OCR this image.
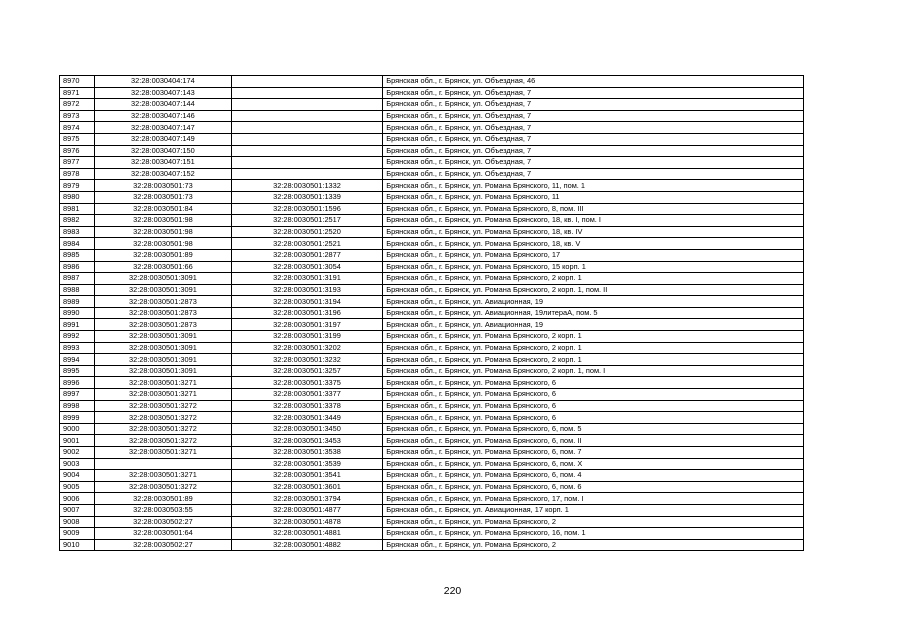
8970	32:28:0030404:174		Брянская обл., г. Брянск, ул. Объездная, 46
8971	32:28:0030407:143		Брянская обл., г. Брянск, ул. Объездная, 7
8972	32:28:0030407:144		Брянская обл., г. Брянск, ул. Объездная, 7
8973	32:28:0030407:146		Брянская обл., г. Брянск, ул. Объездная, 7
8974	32:28:0030407:147		Брянская обл., г. Брянск, ул. Объездная, 7
8975	32:28:0030407:149		Брянская обл., г. Брянск, ул. Объездная, 7
8976	32:28:0030407:150		Брянская обл., г. Брянск, ул. Объездная, 7
8977	32:28:0030407:151		Брянская обл., г. Брянск, ул. Объездная, 7
8978	32:28:0030407:152		Брянская обл., г. Брянск, ул. Объездная, 7
8979	32:28:0030501:73	32:28:0030501:1332	Брянская обл., г. Брянск, ул. Романа Брянского, 11, пом. 1
8980	32:28:0030501:73	32:28:0030501:1339	Брянская обл., г. Брянск, ул. Романа Брянского, 11
8981	32:28:0030501:84	32:28:0030501:1596	Брянская обл., г. Брянск, ул. Романа Брянского, 8, пом. III
8982	32:28:0030501:98	32:28:0030501:2517	Брянская обл., г. Брянск, ул. Романа Брянского, 18, кв. I, пом. I
8983	32:28:0030501:98	32:28:0030501:2520	Брянская обл., г. Брянск, ул. Романа Брянского, 18, кв. IV
8984	32:28:0030501:98	32:28:0030501:2521	Брянская обл., г. Брянск, ул. Романа Брянского, 18, кв. V
8985	32:28:0030501:89	32:28:0030501:2877	Брянская обл., г. Брянск, ул. Романа Брянского, 17
8986	32:28:0030501:66	32:28:0030501:3054	Брянская обл., г. Брянск, ул. Романа Брянского, 15 корп. 1
8987	32:28:0030501:3091	32:28:0030501:3191	Брянская обл., г. Брянск, ул. Романа Брянского, 2 корп. 1
8988	32:28:0030501:3091	32:28:0030501:3193	Брянская обл., г. Брянск, ул. Романа Брянского, 2 корп. 1, пом. II
8989	32:28:0030501:2873	32:28:0030501:3194	Брянская обл., г. Брянск, ул. Авиационная, 19
8990	32:28:0030501:2873	32:28:0030501:3196	Брянская обл., г. Брянск, ул. Авиационная, 19литераА, пом. 5
8991	32:28:0030501:2873	32:28:0030501:3197	Брянская обл., г. Брянск, ул. Авиационная, 19
8992	32:28:0030501:3091	32:28:0030501:3199	Брянская обл., г. Брянск, ул. Романа Брянского, 2 корп. 1
8993	32:28:0030501:3091	32:28:0030501:3202	Брянская обл., г. Брянск, ул. Романа Брянского, 2 корп. 1
8994	32:28:0030501:3091	32:28:0030501:3232	Брянская обл., г. Брянск, ул. Романа Брянского, 2 корп. 1
8995	32:28:0030501:3091	32:28:0030501:3257	Брянская обл., г. Брянск, ул. Романа Брянского, 2 корп. 1, пом. I
8996	32:28:0030501:3271	32:28:0030501:3375	Брянская обл., г. Брянск, ул. Романа Брянского, 6
8997	32:28:0030501:3271	32:28:0030501:3377	Брянская обл., г. Брянск, ул. Романа Брянского, 6
8998	32:28:0030501:3272	32:28:0030501:3378	Брянская обл., г. Брянск, ул. Романа Брянского, 6
8999	32:28:0030501:3272	32:28:0030501:3449	Брянская обл., г. Брянск, ул. Романа Брянского, 6
9000	32:28:0030501:3272	32:28:0030501:3450	Брянская обл., г. Брянск, ул. Романа Брянского, 6, пом. 5
9001	32:28:0030501:3272	32:28:0030501:3453	Брянская обл., г. Брянск, ул. Романа Брянского, 6, пом. II
9002	32:28:0030501:3271	32:28:0030501:3538	Брянская обл., г. Брянск, ул. Романа Брянского, 6, пом. 7
9003		32:28:0030501:3539	Брянская обл., г. Брянск, ул. Романа Брянского, 6, пом. X
9004	32:28:0030501:3271	32:28:0030501:3541	Брянская обл., г. Брянск, ул. Романа Брянского, 6, пом. 4
9005	32:28:0030501:3272	32:28:0030501:3601	Брянская обл., г. Брянск, ул. Романа Брянского, 6, пом. 6
9006	32:28:0030501:89	32:28:0030501:3794	Брянская обл., г. Брянск, ул. Романа Брянского, 17, пом. I
9007	32:28:0030503:55	32:28:0030501:4877	Брянская обл., г. Брянск, ул. Авиационная, 17 корп. 1
9008	32:28:0030502:27	32:28:0030501:4878	Брянская обл., г. Брянск, ул. Романа Брянского, 2
9009	32:28:0030501:64	32:28:0030501:4881	Брянская обл., г. Брянск, ул. Романа Брянского, 16, пом. 1
9010	32:28:0030502:27	32:28:0030501:4882	Брянская обл., г. Брянск, ул. Романа Брянского, 2
220
